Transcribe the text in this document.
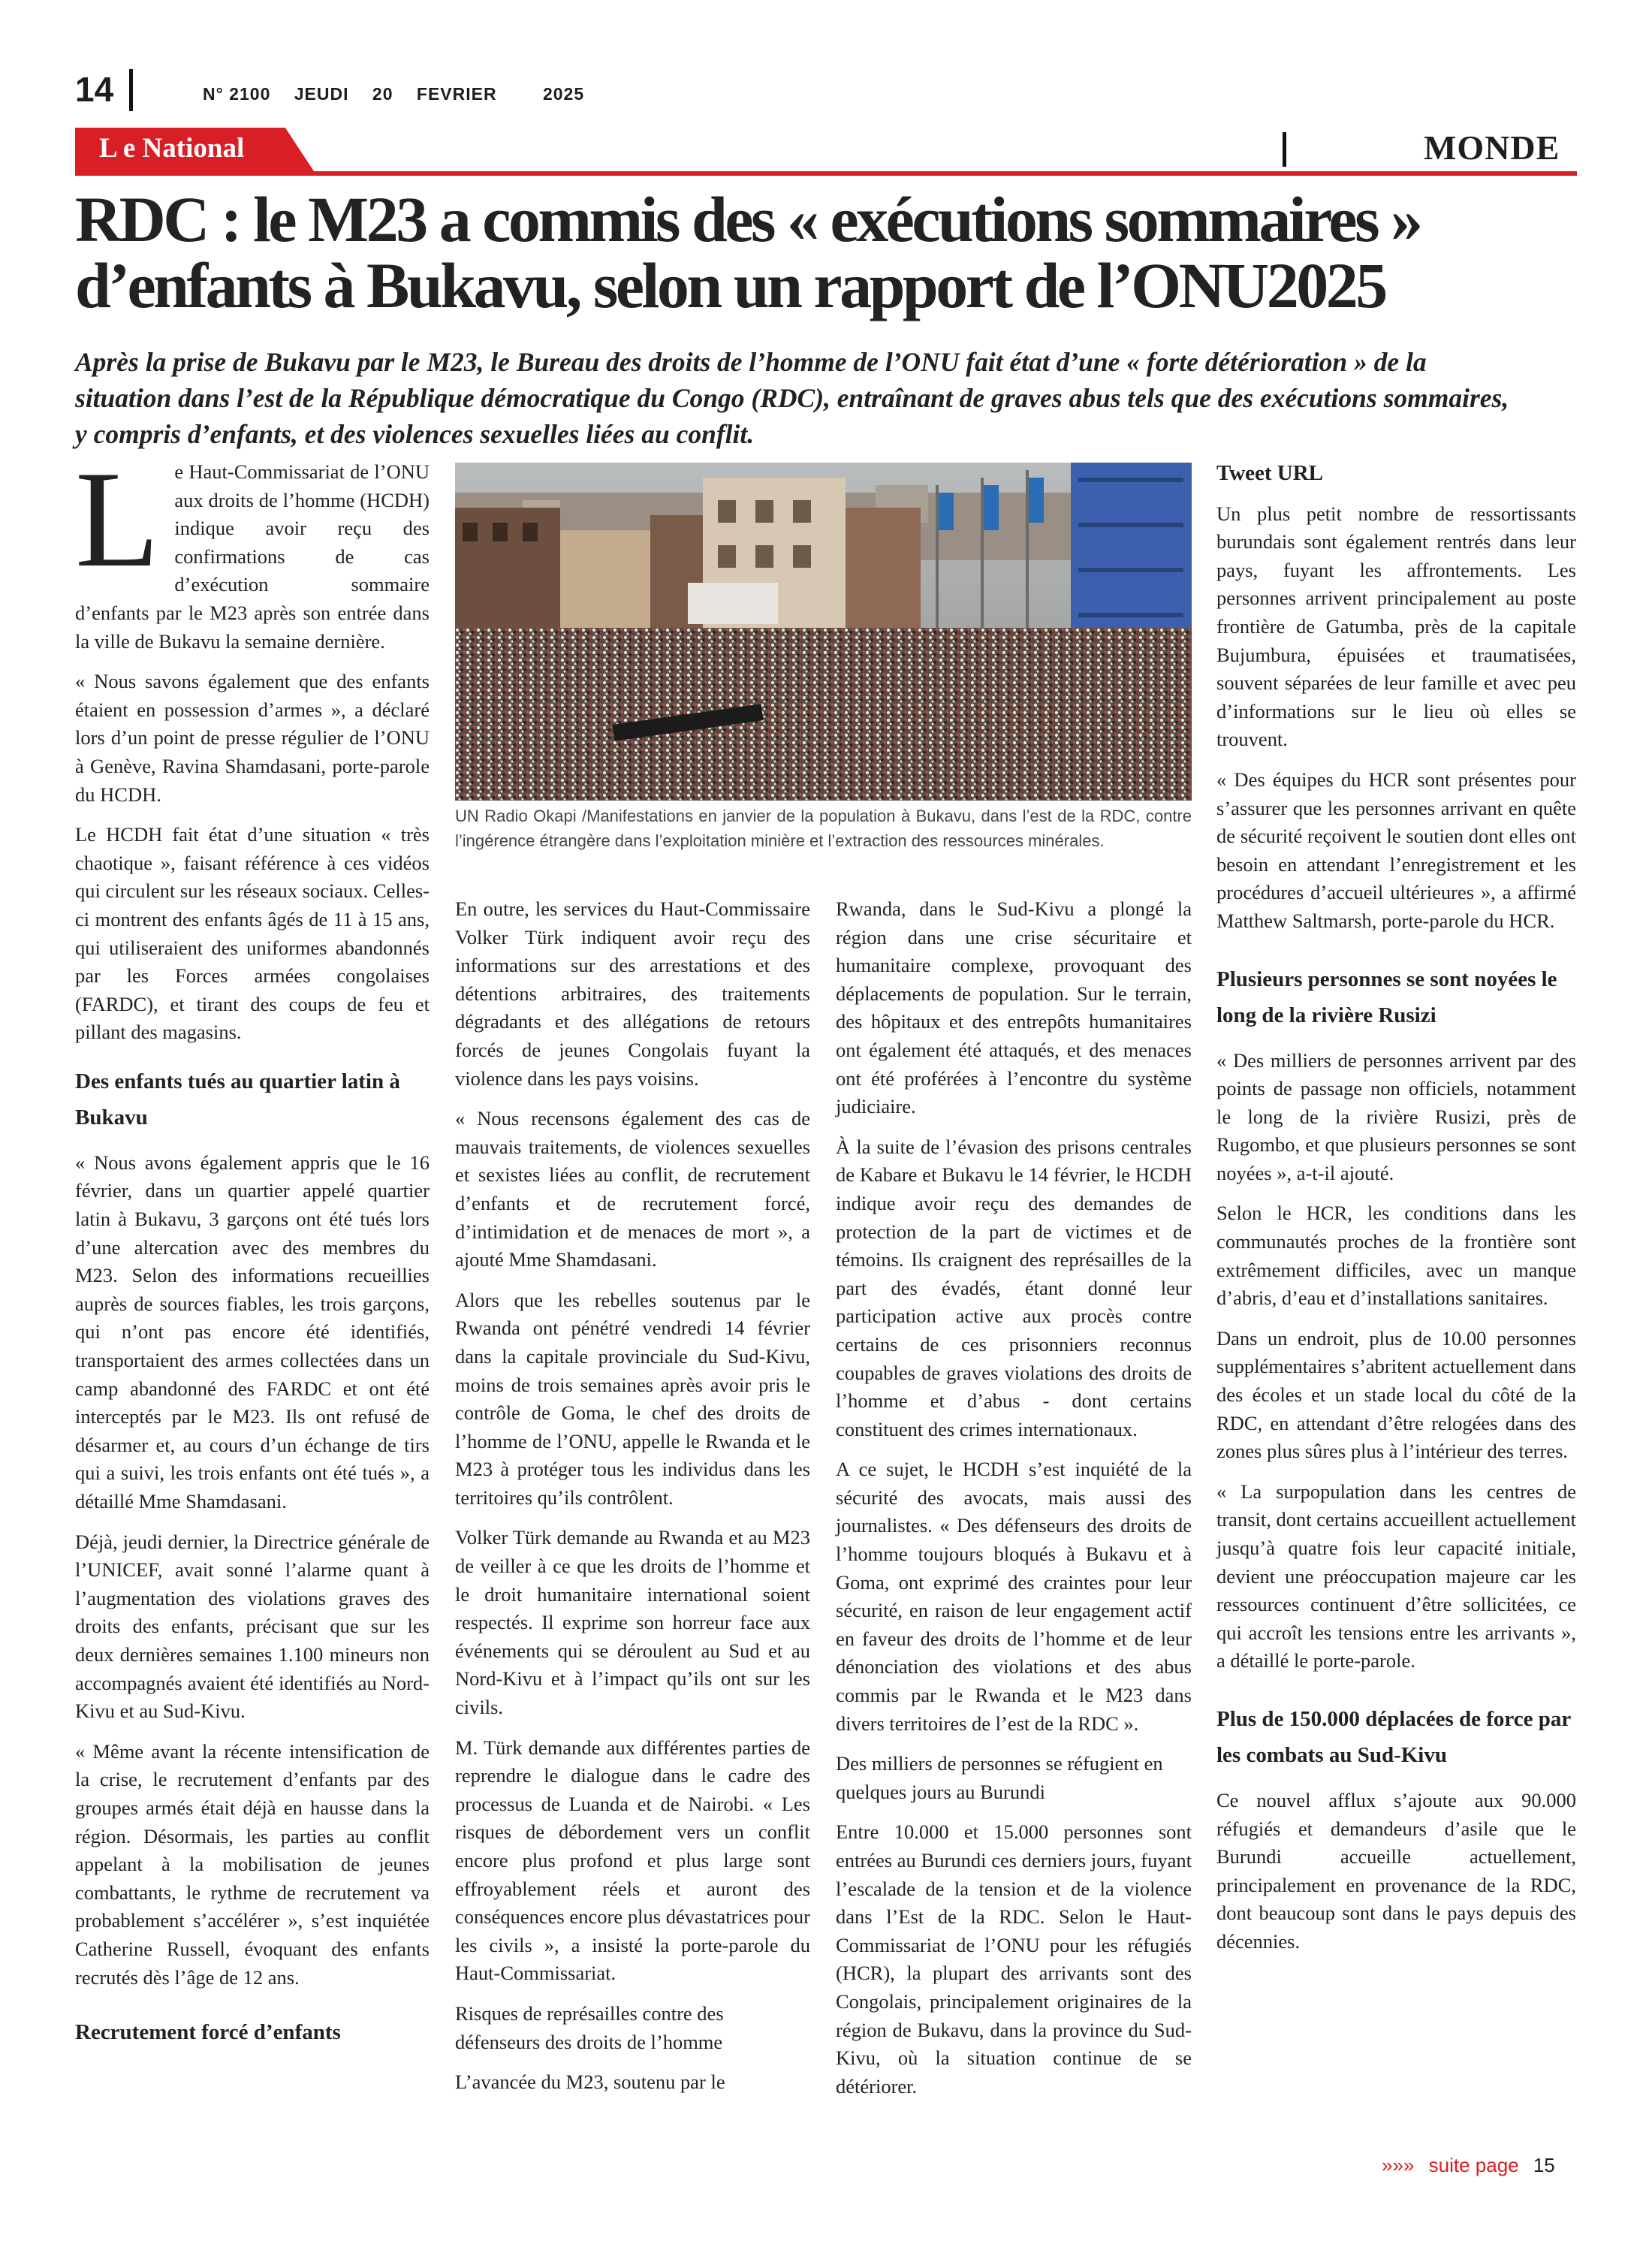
14	N° 2100 JEUDI 20 FEVRIER	2025
L e National	MONDE
RDC : le M23 a commis des « exécutions sommaires »
d’enfants à Bukavu, selon un rapport de l’ONU2025
Après la prise de Bukavu par le M23, le Bureau des droits de l’homme de l’ONU fait état d’une « forte détérioration » de la
situation dans l’est de la République démocratique du Congo (RDC), entraînant de graves abus tels que des exécutions sommaires,
y compris d’enfants, et des violences sexuelles liées au conflit.

Le Haut-Commissariat de l’ONU aux droits de l’homme (HCDH) indique avoir reçu des confirmations de cas d’exécution sommaire d’enfants par le M23 après son entrée dans la ville de Bukavu la semaine dernière.

« Nous savons également que des enfants étaient en possession d’armes », a déclaré lors d’un point de presse régulier de l’ONU à Genève, Ravina Shamdasani, porte-parole du HCDH.

Le HCDH fait état d’une situation « très chaotique », faisant référence à ces vidéos qui circulent sur les réseaux sociaux. Celles-ci montrent des enfants âgés de 11 à 15 ans, qui utiliseraient des uniformes abandonnés par les Forces armées congolaises (FARDC), et tirant des coups de feu et pillant des magasins.

Des enfants tués au quartier latin à Bukavu

« Nous avons également appris que le 16 février, dans un quartier appelé quartier latin à Bukavu, 3 garçons ont été tués lors d’une altercation avec des membres du M23. Selon des informations recueillies auprès de sources fiables, les trois garçons, qui n’ont pas encore été identifiés, transportaient des armes collectées dans un camp abandonné des FARDC et ont été interceptés par le M23. Ils ont refusé de désarmer et, au cours d’un échange de tirs qui a suivi, les trois enfants ont été tués », a détaillé Mme Shamdasani.

Déjà, jeudi dernier, la Directrice générale de l’UNICEF, avait sonné l’alarme quant à l’augmentation des violations graves des droits des enfants, précisant que sur les deux dernières semaines 1.100 mineurs non accompagnés avaient été identifiés au Nord-Kivu et au Sud-Kivu.

« Même avant la récente intensification de la crise, le recrutement d’enfants par des groupes armés était déjà en hausse dans la région. Désormais, les parties au conflit appelant à la mobilisation de jeunes combattants, le rythme de recrutement va probablement s’accélérer », s’est inquiétée Catherine Russell, évoquant des enfants recrutés dès l’âge de 12 ans.

Recrutement forcé d’enfants
UN Radio Okapi /Manifestations en janvier de la population à Bukavu, dans l’est de la RDC, contre l’ingérence étrangère dans l’exploitation minière et l’extraction des ressources minérales.

En outre, les services du Haut-Commissaire Volker Türk indiquent avoir reçu des informations sur des arrestations et des détentions arbitraires, des traitements dégradants et des allégations de retours forcés de jeunes Congolais fuyant la violence dans les pays voisins.

« Nous recensons également des cas de mauvais traitements, de violences sexuelles et sexistes liées au conflit, de recrutement d’enfants et de recrutement forcé, d’intimidation et de menaces de mort », a ajouté Mme Shamdasani.

Alors que les rebelles soutenus par le Rwanda ont pénétré vendredi 14 février dans la capitale provinciale du Sud-Kivu, moins de trois semaines après avoir pris le contrôle de Goma, le chef des droits de l’homme de l’ONU, appelle le Rwanda et le M23 à protéger tous les individus dans les territoires qu’ils contrôlent.

Volker Türk demande au Rwanda et au M23 de veiller à ce que les droits de l’homme et le droit humanitaire international soient respectés. Il exprime son horreur face aux événements qui se déroulent au Sud et au Nord-Kivu et à l’impact qu’ils ont sur les civils.

M. Türk demande aux différentes parties de reprendre le dialogue dans le cadre des processus de Luanda et de Nairobi. « Les risques de débordement vers un conflit encore plus profond et plus large sont effroyablement réels et auront des conséquences encore plus dévastatrices pour les civils », a insisté la porte-parole du Haut-Commissariat.

Risques de représailles contre des défenseurs des droits de l’homme

L’avancée du M23, soutenu par le

Rwanda, dans le Sud-Kivu a plongé la région dans une crise sécuritaire et humanitaire complexe, provoquant des déplacements de population. Sur le terrain, des hôpitaux et des entrepôts humanitaires ont également été attaqués, et des menaces ont été proférées à l’encontre du système judiciaire.

À la suite de l’évasion des prisons centrales de Kabare et Bukavu le 14 février, le HCDH indique avoir reçu des demandes de protection de la part de victimes et de témoins. Ils craignent des représailles de la part des évadés, étant donné leur participation active aux procès contre certains de ces prisonniers reconnus coupables de graves violations des droits de l’homme et d’abus - dont certains constituent des crimes internationaux.

A ce sujet, le HCDH s’est inquiété de la sécurité des avocats, mais aussi des journalistes. « Des défenseurs des droits de l’homme toujours bloqués à Bukavu et à Goma, ont exprimé des craintes pour leur sécurité, en raison de leur engagement actif en faveur des droits de l’homme et de leur dénonciation des violations et des abus commis par le Rwanda et le M23 dans divers territoires de l’est de la RDC ».

Des milliers de personnes se réfugient en quelques jours au Burundi

Entre 10.000 et 15.000 personnes sont entrées au Burundi ces derniers jours, fuyant l’escalade de la tension et de la violence dans l’Est de la RDC. Selon le Haut-Commissariat de l’ONU pour les réfugiés (HCR), la plupart des arrivants sont des Congolais, principalement originaires de la région de Bukavu, dans la province du Sud-Kivu, où la situation continue de se détériorer.

Tweet URL

Un plus petit nombre de ressortissants burundais sont également rentrés dans leur pays, fuyant les affrontements. Les personnes arrivent principalement au poste frontière de Gatumba, près de la capitale Bujumbura, épuisées et traumatisées, souvent séparées de leur famille et avec peu d’informations sur le lieu où elles se trouvent.

« Des équipes du HCR sont présentes pour s’assurer que les personnes arrivant en quête de sécurité reçoivent le soutien dont elles ont besoin en attendant l’enregistrement et les procédures d’accueil ultérieures », a affirmé Matthew Saltmarsh, porte-parole du HCR.

Plusieurs personnes se sont noyées le long de la rivière Rusizi

« Des milliers de personnes arrivent par des points de passage non officiels, notamment le long de la rivière Rusizi, près de Rugombo, et que plusieurs personnes se sont noyées », a-t-il ajouté.

Selon le HCR, les conditions dans les communautés proches de la frontière sont extrêmement difficiles, avec un manque d’abris, d’eau et d’installations sanitaires.

Dans un endroit, plus de 10.00 personnes supplémentaires s’abritent actuellement dans des écoles et un stade local du côté de la RDC, en attendant d’être relogées dans des zones plus sûres plus à l’intérieur des terres.

« La surpopulation dans les centres de transit, dont certains accueillent actuellement jusqu’à quatre fois leur capacité initiale, devient une préoccupation majeure car les ressources continuent d’être sollicitées, ce qui accroît les tensions entre les arrivants », a détaillé le porte-parole.

Plus de 150.000 déplacées de force par les combats au Sud-Kivu

Ce nouvel afflux s’ajoute aux 90.000 réfugiés et demandeurs d’asile que le Burundi accueille actuellement, principalement en provenance de la RDC, dont beaucoup sont dans le pays depuis des décennies.

»»» suite page 15
